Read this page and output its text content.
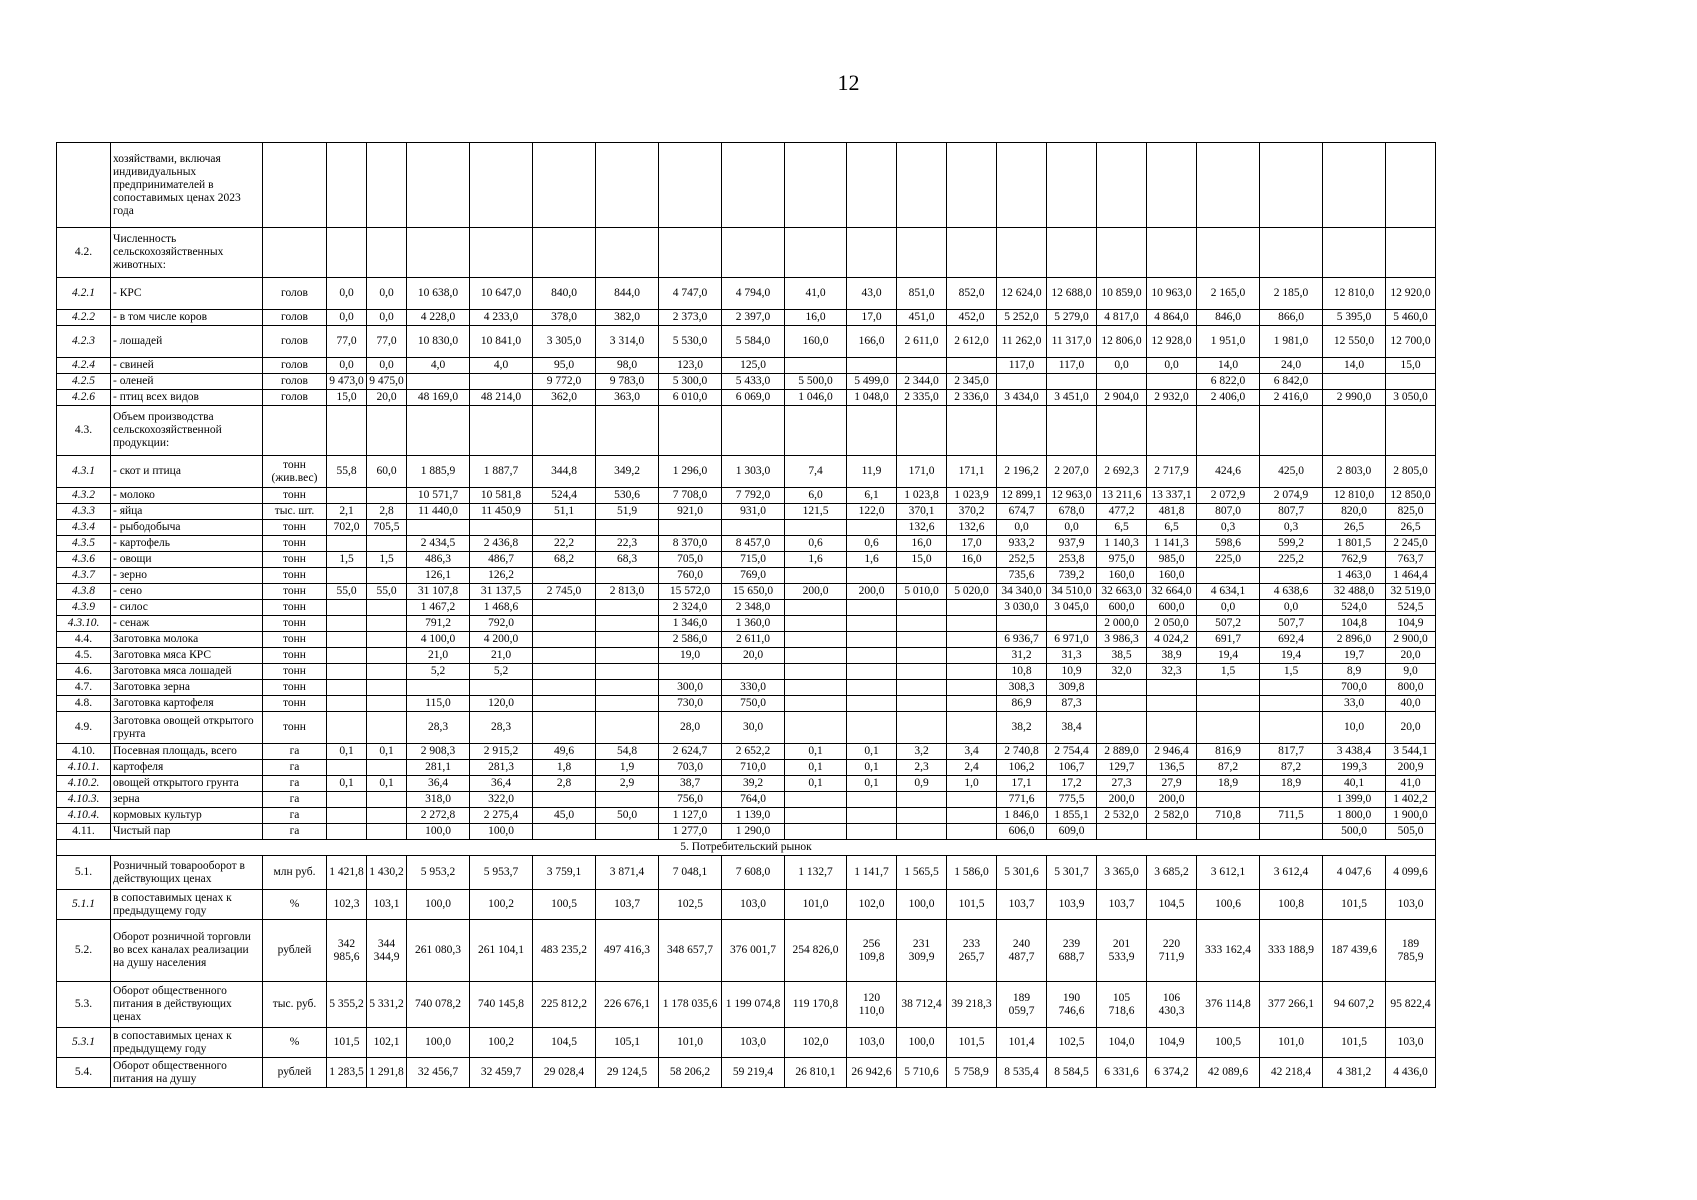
12
	хозяйствами, включая индивидуальных предпринимателей в сопоставимых ценах 2023 года																					
4.2.	Численность сельскохозяйственных животных:																					
4.2.1	- КРС	голов	0,0	0,0	10 638,0	10 647,0	840,0	844,0	4 747,0	4 794,0	41,0	43,0	851,0	852,0	12 624,0	12 688,0	10 859,0	10 963,0	2 165,0	2 185,0	12 810,0	12 920,0
4.2.2	- в том числе коров	голов	0,0	0,0	4 228,0	4 233,0	378,0	382,0	2 373,0	2 397,0	16,0	17,0	451,0	452,0	5 252,0	5 279,0	4 817,0	4 864,0	846,0	866,0	5 395,0	5 460,0
4.2.3	- лошадей	голов	77,0	77,0	10 830,0	10 841,0	3 305,0	3 314,0	5 530,0	5 584,0	160,0	166,0	2 611,0	2 612,0	11 262,0	11 317,0	12 806,0	12 928,0	1 951,0	1 981,0	12 550,0	12 700,0
4.2.4	- свиней	голов	0,0	0,0	4,0	4,0	95,0	98,0	123,0	125,0					117,0	117,0	0,0	0,0	14,0	24,0	14,0	15,0
4.2.5	- оленей	голов	9 473,0	9 475,0			9 772,0	9 783,0	5 300,0	5 433,0	5 500,0	5 499,0	2 344,0	2 345,0					6 822,0	6 842,0		
4.2.6	- птиц всех видов	голов	15,0	20,0	48 169,0	48 214,0	362,0	363,0	6 010,0	6 069,0	1 046,0	1 048,0	2 335,0	2 336,0	3 434,0	3 451,0	2 904,0	2 932,0	2 406,0	2 416,0	2 990,0	3 050,0
4.3.	Объем производства сельскохозяйственной продукции:																					
4.3.1	- скот и птица	тонн (жив.вес)	55,8	60,0	1 885,9	1 887,7	344,8	349,2	1 296,0	1 303,0	7,4	11,9	171,0	171,1	2 196,2	2 207,0	2 692,3	2 717,9	424,6	425,0	2 803,0	2 805,0
4.3.2	- молоко	тонн			10 571,7	10 581,8	524,4	530,6	7 708,0	7 792,0	6,0	6,1	1 023,8	1 023,9	12 899,1	12 963,0	13 211,6	13 337,1	2 072,9	2 074,9	12 810,0	12 850,0
4.3.3	- яйца	тыс. шт.	2,1	2,8	11 440,0	11 450,9	51,1	51,9	921,0	931,0	121,5	122,0	370,1	370,2	674,7	678,0	477,2	481,8	807,0	807,7	820,0	825,0
4.3.4	- рыбодобыча	тонн	702,0	705,5									132,6	132,6	0,0	0,0	6,5	6,5	0,3	0,3	26,5	26,5
4.3.5	- картофель	тонн			2 434,5	2 436,8	22,2	22,3	8 370,0	8 457,0	0,6	0,6	16,0	17,0	933,2	937,9	1 140,3	1 141,3	598,6	599,2	1 801,5	2 245,0
4.3.6	- овощи	тонн	1,5	1,5	486,3	486,7	68,2	68,3	705,0	715,0	1,6	1,6	15,0	16,0	252,5	253,8	975,0	985,0	225,0	225,2	762,9	763,7
4.3.7	- зерно	тонн			126,1	126,2			760,0	769,0					735,6	739,2	160,0	160,0			1 463,0	1 464,4
4.3.8	- сено	тонн	55,0	55,0	31 107,8	31 137,5	2 745,0	2 813,0	15 572,0	15 650,0	200,0	200,0	5 010,0	5 020,0	34 340,0	34 510,0	32 663,0	32 664,0	4 634,1	4 638,6	32 488,0	32 519,0
4.3.9	- силос	тонн			1 467,2	1 468,6			2 324,0	2 348,0					3 030,0	3 045,0	600,0	600,0	0,0	0,0	524,0	524,5
4.3.10.	- сенаж	тонн			791,2	792,0			1 346,0	1 360,0							2 000,0	2 050,0	507,2	507,7	104,8	104,9
4.4.	Заготовка молока	тонн			4 100,0	4 200,0			2 586,0	2 611,0					6 936,7	6 971,0	3 986,3	4 024,2	691,7	692,4	2 896,0	2 900,0
4.5.	Заготовка мяса КРС	тонн			21,0	21,0			19,0	20,0					31,2	31,3	38,5	38,9	19,4	19,4	19,7	20,0
4.6.	Заготовка мяса лошадей	тонн			5,2	5,2									10,8	10,9	32,0	32,3	1,5	1,5	8,9	9,0
4.7.	Заготовка зерна	тонн							300,0	330,0					308,3	309,8					700,0	800,0
4.8.	Заготовка картофеля	тонн			115,0	120,0			730,0	750,0					86,9	87,3					33,0	40,0
4.9.	Заготовка овощей открытого грунта	тонн			28,3	28,3			28,0	30,0					38,2	38,4					10,0	20,0
4.10.	Посевная площадь, всего	га	0,1	0,1	2 908,3	2 915,2	49,6	54,8	2 624,7	2 652,2	0,1	0,1	3,2	3,4	2 740,8	2 754,4	2 889,0	2 946,4	816,9	817,7	3 438,4	3 544,1
4.10.1.	картофеля	га			281,1	281,3	1,8	1,9	703,0	710,0	0,1	0,1	2,3	2,4	106,2	106,7	129,7	136,5	87,2	87,2	199,3	200,9
4.10.2.	овощей открытого грунта	га	0,1	0,1	36,4	36,4	2,8	2,9	38,7	39,2	0,1	0,1	0,9	1,0	17,1	17,2	27,3	27,9	18,9	18,9	40,1	41,0
4.10.3.	зерна	га			318,0	322,0			756,0	764,0					771,6	775,5	200,0	200,0			1 399,0	1 402,2
4.10.4.	кормовых культур	га			2 272,8	2 275,4	45,0	50,0	1 127,0	1 139,0					1 846,0	1 855,1	2 532,0	2 582,0	710,8	711,5	1 800,0	1 900,0
4.11.	Чистый пар	га			100,0	100,0			1 277,0	1 290,0					606,0	609,0					500,0	505,0
5. Потребительский рынок																						
5.1.	Розничный товарооборот в действующих ценах	млн руб.	1 421,8	1 430,2	5 953,2	5 953,7	3 759,1	3 871,4	7 048,1	7 608,0	1 132,7	1 141,7	1 565,5	1 586,0	5 301,6	5 301,7	3 365,0	3 685,2	3 612,1	3 612,4	4 047,6	4 099,6
5.1.1	в сопоставимых ценах к предыдущему году	%	102,3	103,1	100,0	100,2	100,5	103,7	102,5	103,0	101,0	102,0	100,0	101,5	103,7	103,9	103,7	104,5	100,6	100,8	101,5	103,0
5.2.	Оборот розничной торговли во всех каналах реализации на душу населения	рублей	342 985,6	344 344,9	261 080,3	261 104,1	483 235,2	497 416,3	348 657,7	376 001,7	254 826,0	256 109,8	231 309,9	233 265,7	240 487,7	239 688,7	201 533,9	220 711,9	333 162,4	333 188,9	187 439,6	189 785,9
5.3.	Оборот общественного питания в действующих ценах	тыс. руб.	5 355,2	5 331,2	740 078,2	740 145,8	225 812,2	226 676,1	1 178 035,6	1 199 074,8	119 170,8	120 110,0	38 712,4	39 218,3	189 059,7	190 746,6	105 718,6	106 430,3	376 114,8	377 266,1	94 607,2	95 822,4
5.3.1	в сопоставимых ценах к предыдущему году	%	101,5	102,1	100,0	100,2	104,5	105,1	101,0	103,0	102,0	103,0	100,0	101,5	101,4	102,5	104,0	104,9	100,5	101,0	101,5	103,0
5.4.	Оборот общественного питания на душу	рублей	1 283,5	1 291,8	32 456,7	32 459,7	29 028,4	29 124,5	58 206,2	59 219,4	26 810,1	26 942,6	5 710,6	5 758,9	8 535,4	8 584,5	6 331,6	6 374,2	42 089,6	42 218,4	4 381,2	4 436,0
